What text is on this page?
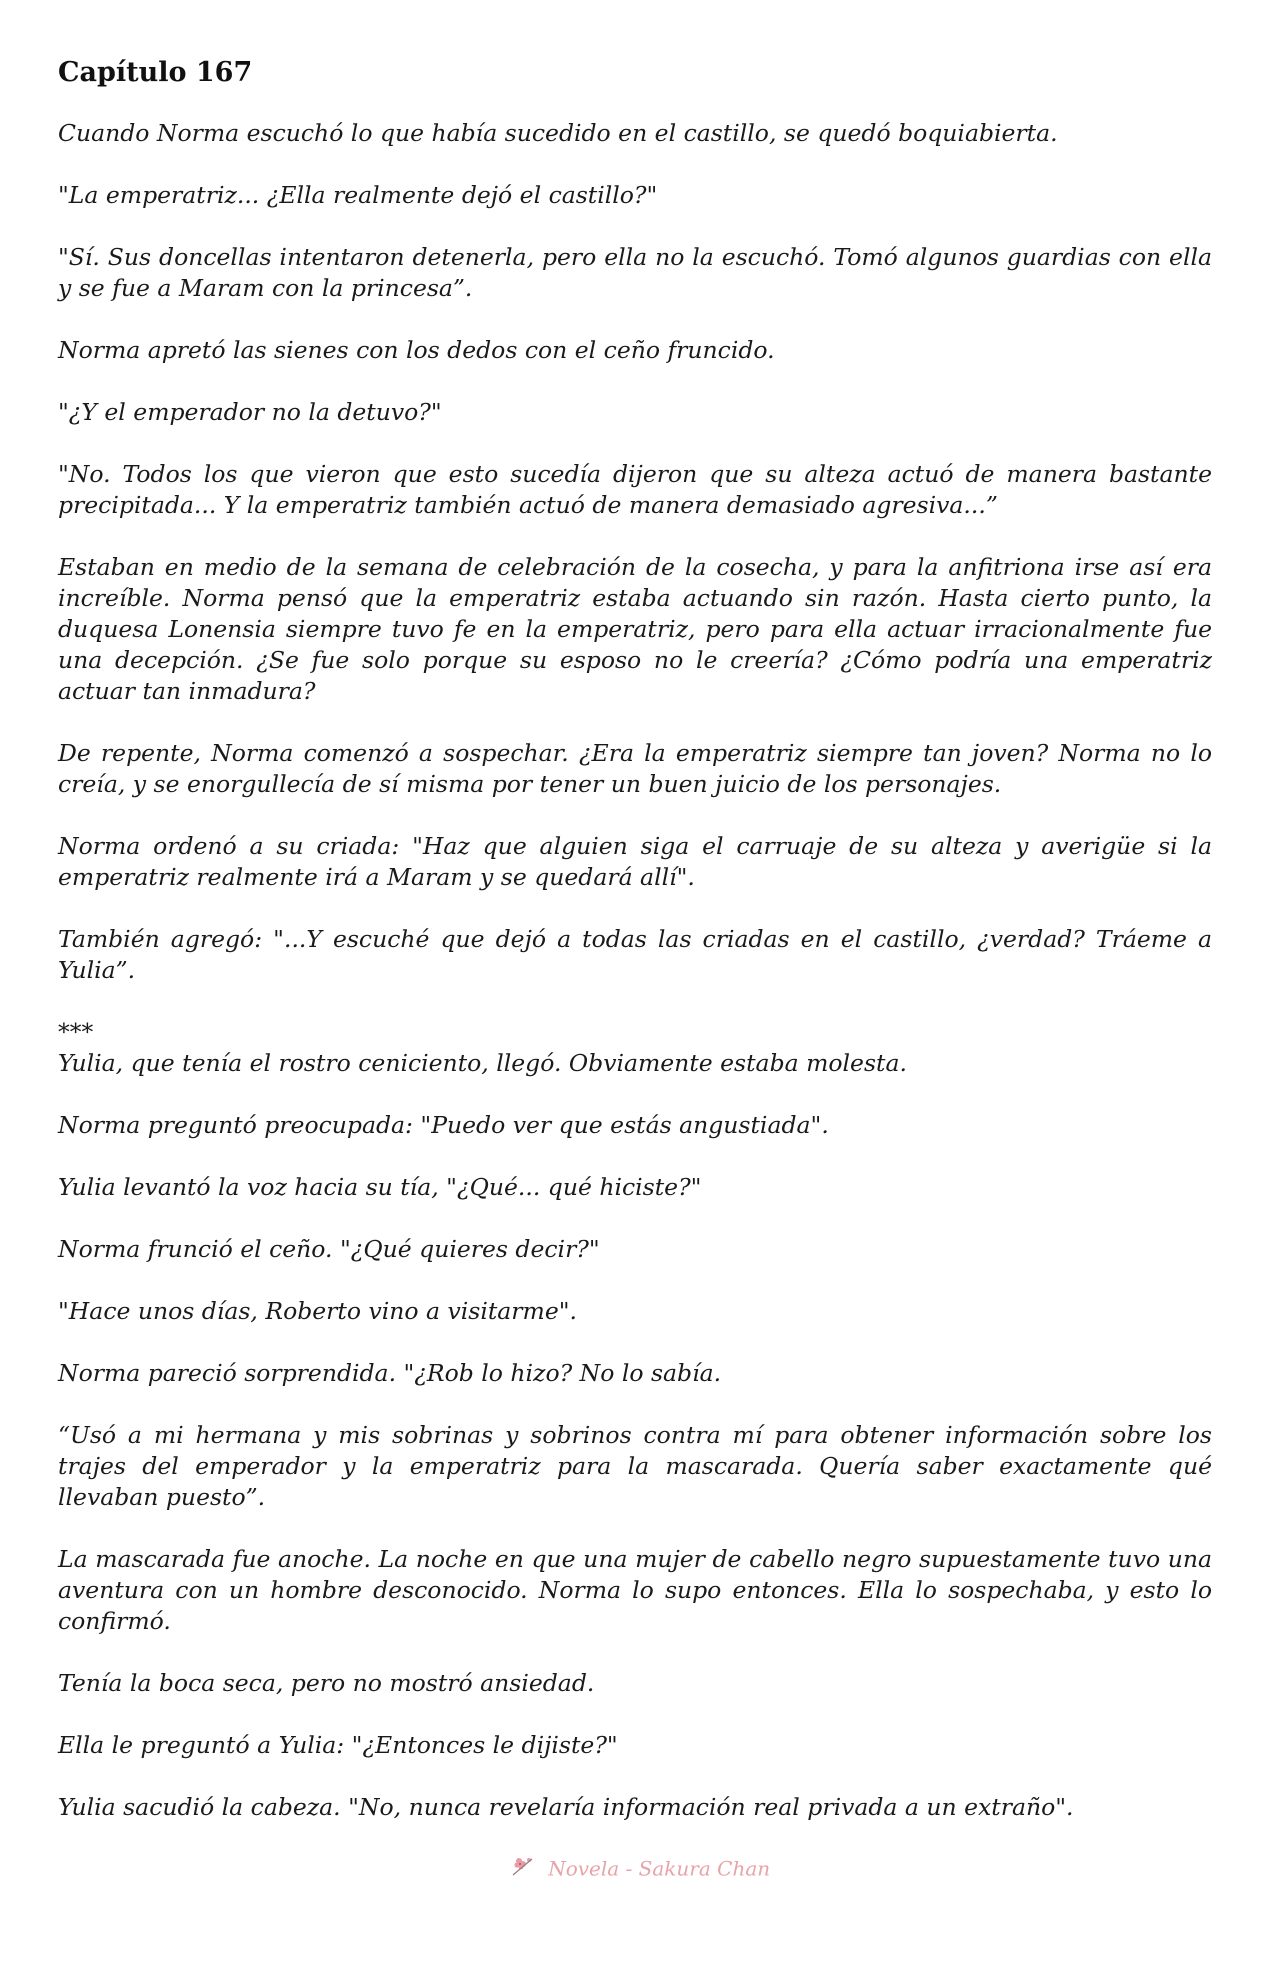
Capítulo 167

Cuando Norma escuchó lo que había sucedido en el castillo, se quedó boquiabierta.

"La emperatriz... ¿Ella realmente dejó el castillo?"

"Sí. Sus doncellas intentaron detenerla, pero ella no la escuchó. Tomó algunos guardias con ella y se fue a Maram con la princesa”.

Norma apretó las sienes con los dedos con el ceño fruncido.

"¿Y el emperador no la detuvo?"

"No. Todos los que vieron que esto sucedía dijeron que su alteza actuó de manera bastante precipitada... Y la emperatriz también actuó de manera demasiado agresiva...”

Estaban en medio de la semana de celebración de la cosecha, y para la anfitriona irse así era increíble. Norma pensó que la emperatriz estaba actuando sin razón. Hasta cierto punto, la duquesa Lonensia siempre tuvo fe en la emperatriz, pero para ella actuar irracionalmente fue una decepción. ¿Se fue solo porque su esposo no le creería? ¿Cómo podría una emperatriz actuar tan inmadura?

De repente, Norma comenzó a sospechar. ¿Era la emperatriz siempre tan joven? Norma no lo creía, y se enorgullecía de sí misma por tener un buen juicio de los personajes.

Norma ordenó a su criada: "Haz que alguien siga el carruaje de su alteza y averigüe si la emperatriz realmente irá a Maram y se quedará allí".

También agregó: "...Y escuché que dejó a todas las criadas en el castillo, ¿verdad? Tráeme a Yulia”.

***

Yulia, que tenía el rostro ceniciento, llegó. Obviamente estaba molesta.

Norma preguntó preocupada: "Puedo ver que estás angustiada".

Yulia levantó la voz hacia su tía, "¿Qué... qué hiciste?"

Norma frunció el ceño. "¿Qué quieres decir?"

"Hace unos días, Roberto vino a visitarme".

Norma pareció sorprendida. "¿Rob lo hizo? No lo sabía.

“Usó a mi hermana y mis sobrinas y sobrinos contra mí para obtener información sobre los trajes del emperador y la emperatriz para la mascarada. Quería saber exactamente qué llevaban puesto”.

La mascarada fue anoche. La noche en que una mujer de cabello negro supuestamente tuvo una aventura con un hombre desconocido. Norma lo supo entonces. Ella lo sospechaba, y esto lo confirmó.

Tenía la boca seca, pero no mostró ansiedad.

Ella le preguntó a Yulia: "¿Entonces le dijiste?"

Yulia sacudió la cabeza. "No, nunca revelaría información real privada a un extraño".

Novela - Sakura Chan
